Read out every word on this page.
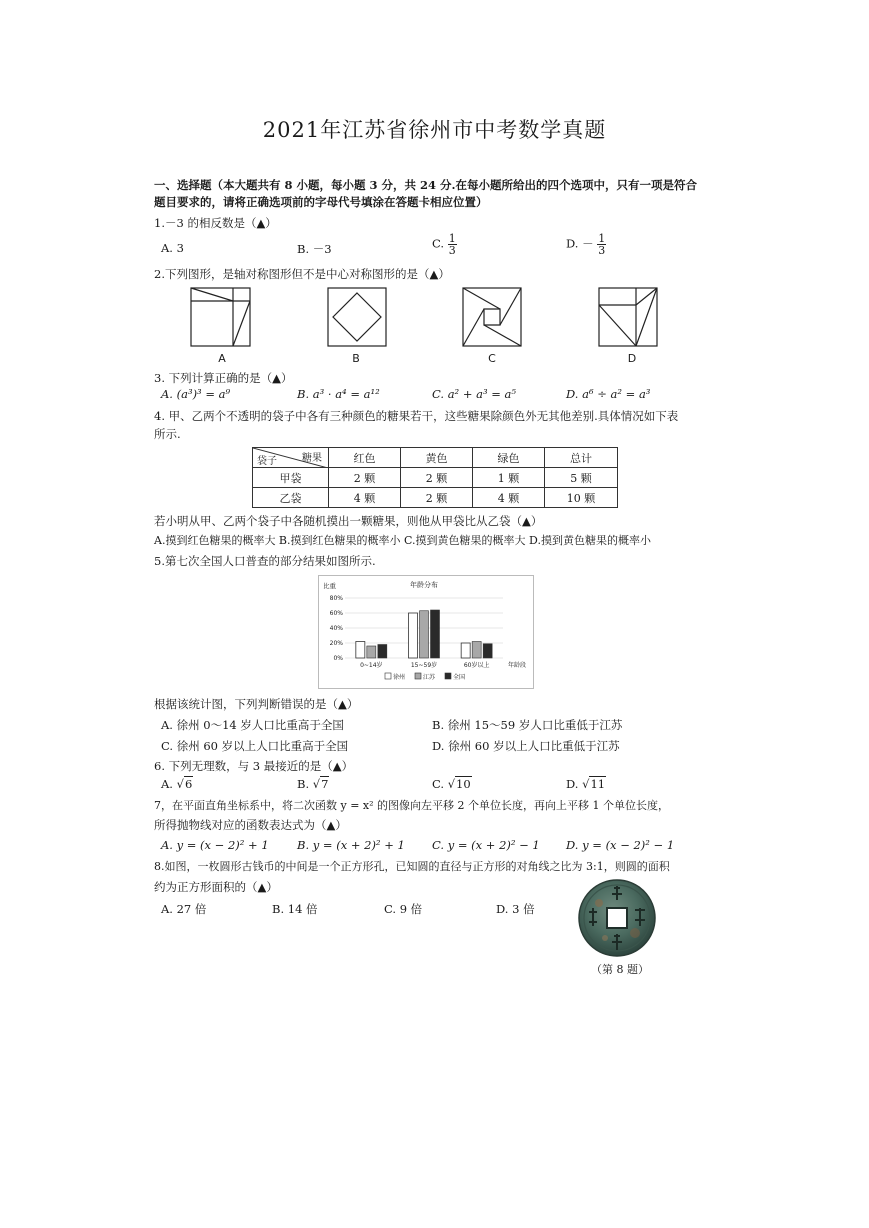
2021年江苏省徐州市中考数学真题
一、选择题（本大题共有 8 小题，每小题 3 分，共 24 分.在每小题所给出的四个选项中，只有一项是符合
题目要求的，请将正确选项前的字母代号填涂在答题卡相应位置）
1.－3 的相反数是（▲）
A. 3	B. －3	C. $\frac{1}{3}$	D. － $\frac{1}{3}$
2.下列图形，是轴对称图形但不是中心对称图形的是（▲）
A	B	C	D
3. 下列计算正确的是（▲）
A. (a³)³ = a⁹	B. a³ · a⁴ = a¹²	C. a² + a³ = a⁵	D. a⁶ ÷ a² = a³
4. 甲、乙两个不透明的袋子中各有三种颜色的糖果若干，这些糖果除颜色外无其他差别.具体情况如下表
所示.
糖果
袋子	红色	黄色	绿色	总计
甲袋	2 颗	2 颗	1 颗	5 颗
乙袋	4 颗	2 颗	4 颗	10 颗
若小明从甲、乙两个袋子中各随机摸出一颗糖果，则他从甲袋比从乙袋（▲）
A.摸到红色糖果的概率大 B.摸到红色糖果的概率小 C.摸到黄色糖果的概率大 D.摸到黄色糖果的概率小
5.第七次全国人口普查的部分结果如图所示.
年龄分布
比重
0%
20%
40%
60%
80%
0~14岁	15~59岁	60岁以上	年龄段
徐州	江苏	全国
根据该统计图，下列判断错误的是（▲）
A. 徐州 0～14 岁人口比重高于全国	B. 徐州 15～59 岁人口比重低于江苏
C. 徐州 60 岁以上人口比重高于全国	D. 徐州 60 岁以上人口比重低于江苏
6. 下列无理数，与 3 最接近的是（▲）
A. √6	B. √7	C. √10	D. √11
7，在平面直角坐标系中，将二次函数 y = x² 的图像向左平移 2 个单位长度，再向上平移 1 个单位长度，
所得抛物线对应的函数表达式为（▲）
A. y = (x − 2)² + 1 B. y = (x + 2)² + 1 C. y = (x + 2)² − 1 D. y = (x − 2)² − 1
8.如图，一枚圆形古钱币的中间是一个正方形孔，已知圆的直径与正方形的对角线之比为 3:1，则圆的面积
约为正方形面积的（▲）
A. 27 倍	B. 14 倍	C. 9 倍	D. 3 倍
（第 8 题）
